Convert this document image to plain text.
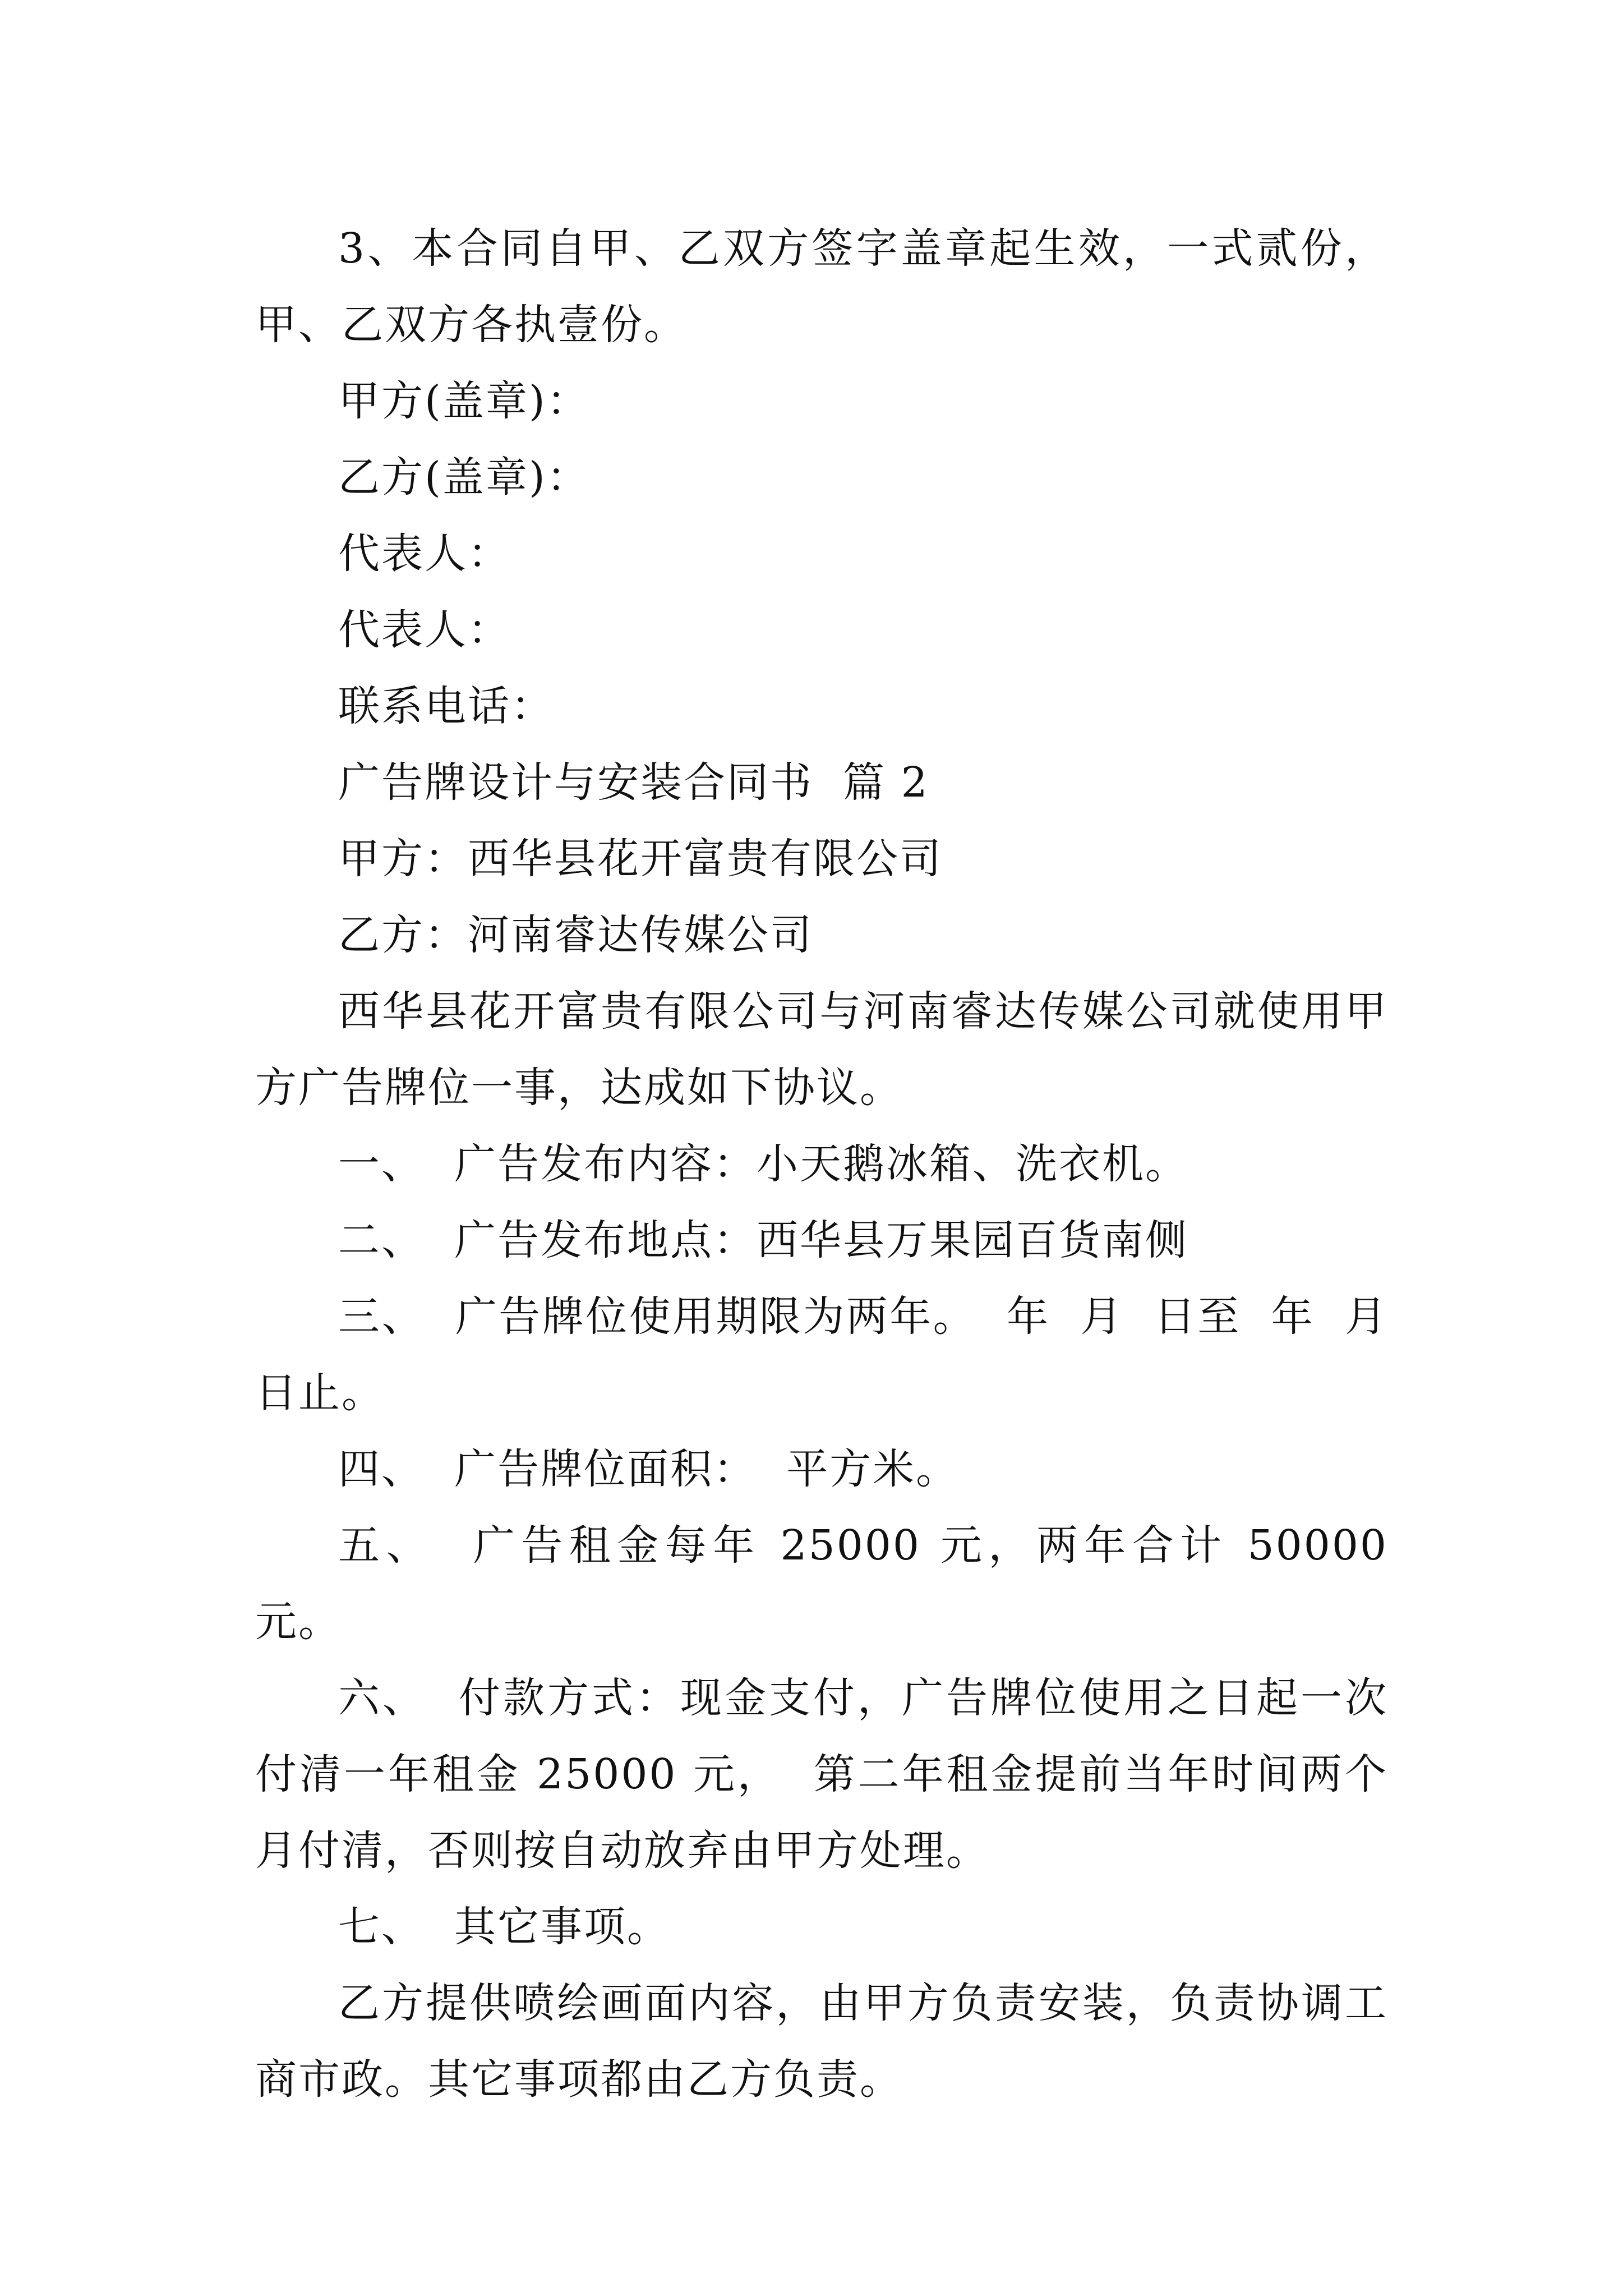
3、本合同自甲、乙双方签字盖章起生效，一式贰份，甲、乙双方各执壹份。

甲方(盖章)：

乙方(盖章)：

代表人：

代表人：

联系电话：

广告牌设计与安装合同书  篇 2

甲方：西华县花开富贵有限公司

乙方：河南睿达传媒公司

西华县花开富贵有限公司与河南睿达传媒公司就使用甲方广告牌位一事，达成如下协议。

一、  广告发布内容：小天鹅冰箱、洗衣机。

二、  广告发布地点：西华县万果园百货南侧

三、  广告牌位使用期限为两年。  年  月  日至  年  月日止。

四、  广告牌位面积：  平方米。

五、  广告租金每年 25000 元，两年合计 50000 元。

六、  付款方式：现金支付，广告牌位使用之日起一次付清一年租金 25000 元，  第二年租金提前当年时间两个月付清，否则按自动放弃由甲方处理。

七、  其它事项。

乙方提供喷绘画面内容，由甲方负责安装，负责协调工商市政。其它事项都由乙方负责。
